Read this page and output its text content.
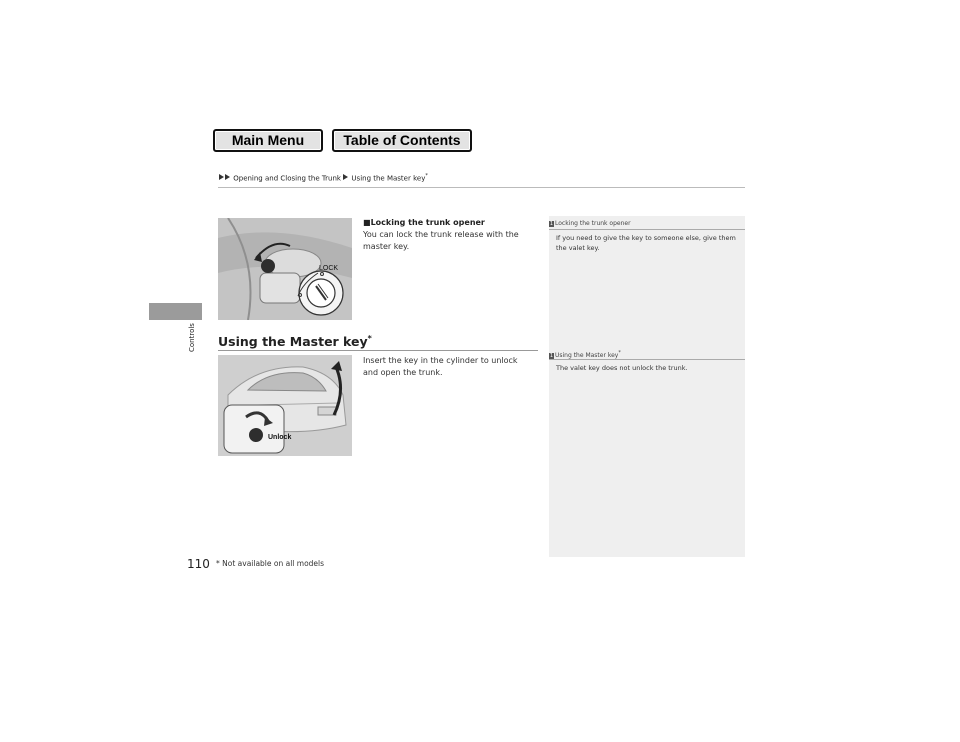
Main Menu	Table of Contents
Opening and Closing the Trunk Using the Master key*
Controls
LOCK
■Locking the trunk opener
You can lock the trunk release with the master key.
Using the Master key*
Unlock
Insert the key in the cylinder to unlock and open the trunk.
1 Locking the trunk opener
If you need to give the key to someone else, give them the valet key.
1 Using the Master key*
The valet key does not unlock the trunk.
110 * Not available on all models
